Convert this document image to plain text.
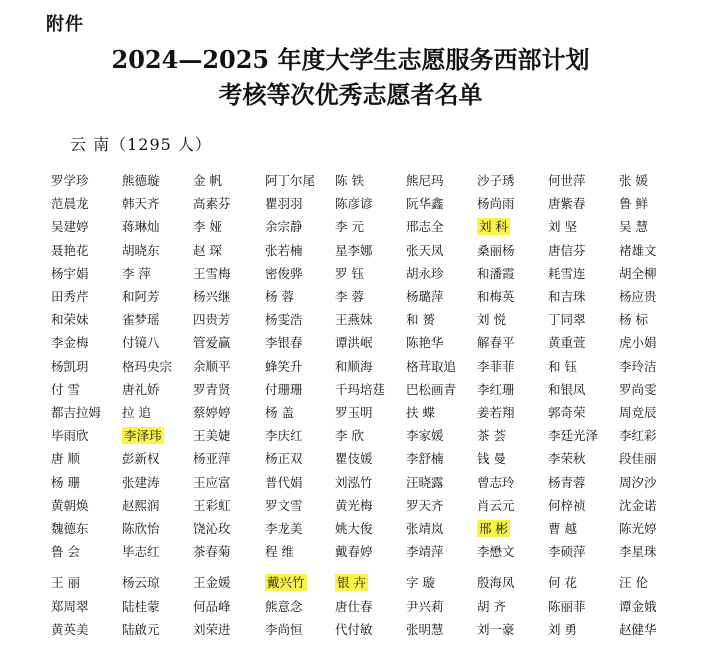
附件
2024—2025 年度大学生志愿服务西部计划
考核等次优秀志愿者名单
云 南（1295 人）
罗学珍	熊德璇	金 帆	阿丁尔尾	陈 铁	熊尼玛	沙子琇	何世萍	张 媛
范晨龙	韩天齐	高素芬	瞿羽羽	陈彦谚	阮华鑫	杨尚雨	唐紫春	鲁 鲜
吴建婷	蒋琳灿	李 娅	余宗静	李 元	邢志全	刘 科	刘 坚	吴 慧
聂艳花	胡晓东	赵 琛	张若楠	星李娜	张天凤	桑丽杨	唐信芬	褚雄文
杨宇娟	李 萍	王雪梅	密俊骅	罗 钰	胡永珍	和潘霞	耗雪连	胡全柳
田秀芹	和阿芳	杨兴继	杨 蓉	李 蓉	杨璐萍	和梅英	和吉珠	杨应贵
和荣妹	雀梦瑶	四贵芳	杨雯浩	王燕妹	和 赟	刘 悦	丁同翠	杨 标
李金梅	付镜八	管爱赢	李银春	谭洪岷	陈艳华	解春平	黄重萱	虎小娟
杨凯玥	格玛央宗	余顺平	蜂笑升	和顺海	格茸取追	李菲菲	和 钰	李玲洁
付 雪	唐礼娇	罗青贤	付珊珊	千玛培莛	巴松画青	李红珊	和银凤	罗尚雯
都吉拉姆	拉 追	蔡婷婷	杨 盖	罗玉明	扶 蝶	姜若翔	郭奇荣	周竞辰
毕雨欣	李泽玮	王美婕	李庆红	李 欣	李家媛	茶 荟	李廷光泽	李红彩
唐 顺	彭新权	杨亚萍	杨正双	瞿伎媛	李舒楠	钱 曼	李荣秋	段佳丽
杨 珊	张建涛	王应富	普代娟	刘泓竹	汪晓露	曾志玲	杨青蓉	周汐沙
黄朝焕	赵熙润	王彩虹	罗文雪	黄光梅	罗天齐	肖云元	何梓祯	沈金诺
魏德东	陈欣怡	饶沁玫	李龙美	姚大俊	张靖岚	邢 彬	曹 越	陈光婷
鲁 会	毕志红	茶春菊	程 维	戴春婷	李靖萍	李懋文	李硕萍	李星珠
王 丽	杨云琼	王金媛	戴兴竹	银 卉	字 璇	殷海凤	何 花	汪 伦
郑周翠	陆桂蒙	何品峰	熊意念	唐仕春	尹兴莉	胡 齐	陈丽菲	谭金娥
黄英美	陆啟元	刘荣进	李尚恒	代付敏	张明慧	刘一豪	刘 勇	赵健华
